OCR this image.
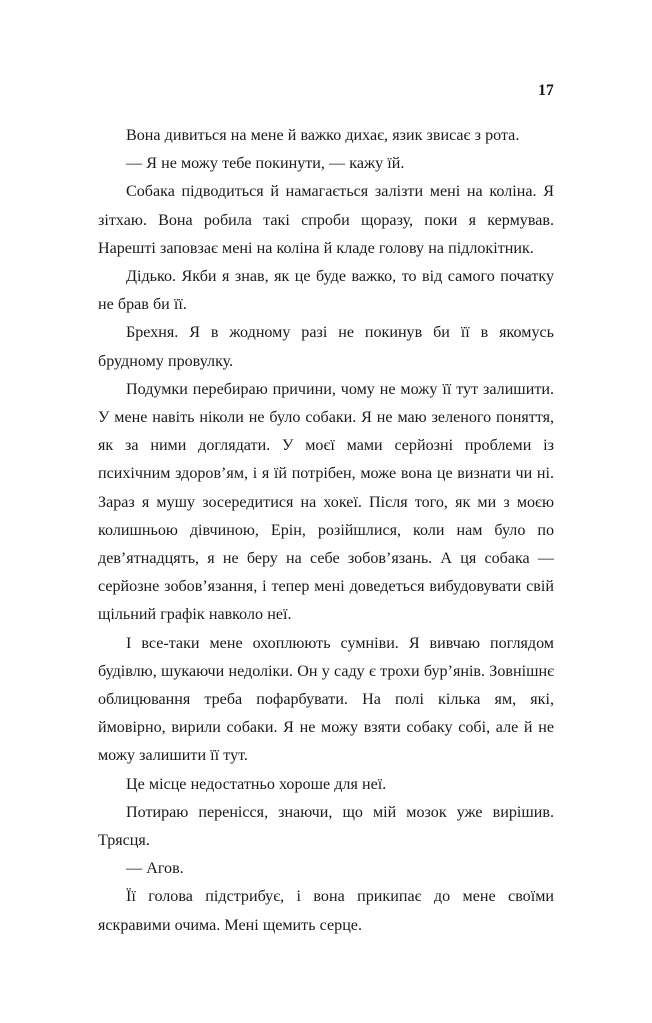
17

Вона дивиться на мене й важко дихає, язик звисає з рота.

— Я не можу тебе покинути, — кажу їй.

Собака підводиться й намагається залізти мені на коліна. Я зітхаю. Вона робила такі спроби щоразу, поки я кермував. Нарешті заповзає мені на коліна й кладе голову на підлокітник.

Дідько. Якби я знав, як це буде важко, то від самого початку не брав би її.

Брехня. Я в жодному разі не покинув би її в якомусь брудному провулку.

Подумки перебираю причини, чому не можу її тут залишити. У мене навіть ніколи не було собаки. Я не маю зеленого поняття, як за ними доглядати. У моєї мами серйозні проблеми із психічним здоров’ям, і я їй потрібен, може вона це визнати чи ні. Зараз я мушу зосередитися на хокеї. Після того, як ми з моєю колишньою дівчиною, Ерін, розійшлися, коли нам було по дев’ятнадцять, я не беру на себе зобов’язань. А ця собака — серйозне зобов’язання, і тепер мені доведеться вибудовувати свій щільний графік навколо неї.

І все-таки мене охоплюють сумніви. Я вивчаю поглядом будівлю, шукаючи недоліки. Он у саду є трохи бур’янів. Зовнішнє облицювання треба пофарбувати. На полі кілька ям, які, ймовірно, вирили собаки. Я не можу взяти собаку собі, але й не можу залишити її тут.

Це місце недостатньо хороше для неї.

Потираю перенісся, знаючи, що мій мозок уже вирішив. Трясця.

— Агов.

Її голова підстрибує, і вона прикипає до мене своїми яскравими очима. Мені щемить серце.
